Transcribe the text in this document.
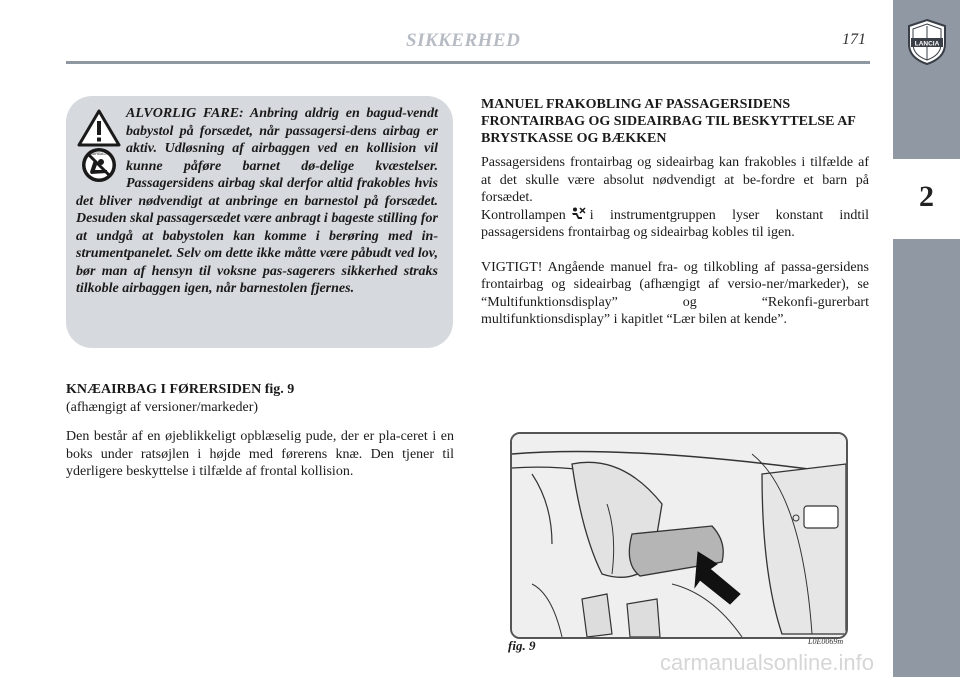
SIKKERHED	171
2
LANCIA
AIRBAG
ALVORLIG FARE: Anbring aldrig en bagud-vendt babystol på forsædet, når passagersi-dens airbag er aktiv. Udløsning af airbaggen ved en kollision vil kunne påføre barnet dø-delige kvæstelser. Passagersidens airbag skal derfor altid frakobles hvis det bliver nødvendigt at anbringe en barnestol på forsædet. Desuden skal passagersædet være anbragt i bageste stilling for at undgå at babystolen kan komme i berøring med in-strumentpanelet. Selv om dette ikke måtte være påbudt ved lov, bør man af hensyn til voksne pas-sagerers sikkerhed straks tilkoble airbaggen igen, når barnestolen fjernes.
KNÆAIRBAG I FØRERSIDEN fig. 9
(afhængigt af versioner/markeder)
Den består af en øjeblikkeligt opblæselig pude, der er pla-ceret i en boks under ratsøjlen i højde med førerens knæ. Den tjener til yderligere beskyttelse i tilfælde af frontal kollision.
MANUEL FRAKOBLING AF PASSAGERSIDENS FRONTAIRBAG OG SIDEAIRBAG TIL BESKYTTELSE AF BRYSTKASSE OG BÆKKEN

Passagersidens frontairbag og sideairbag kan frakobles i tilfælde af at det skulle være absolut nødvendigt at be-fordre et barn på forsædet.

Kontrollampen i instrumentgruppen lyser konstant indtil passagersidens frontairbag og sideairbag kobles til igen.

VIGTIGT! Angående manuel fra- og tilkobling af passa-gersidens frontairbag og sideairbag (afhængigt af versio-ner/markeder), se “Multifunktionsdisplay” og “Rekonfi-gurerbart multifunktionsdisplay” i kapitlet “Lær bilen at kende”.

L0E0069m
fig. 9
carmanualsonline.info
